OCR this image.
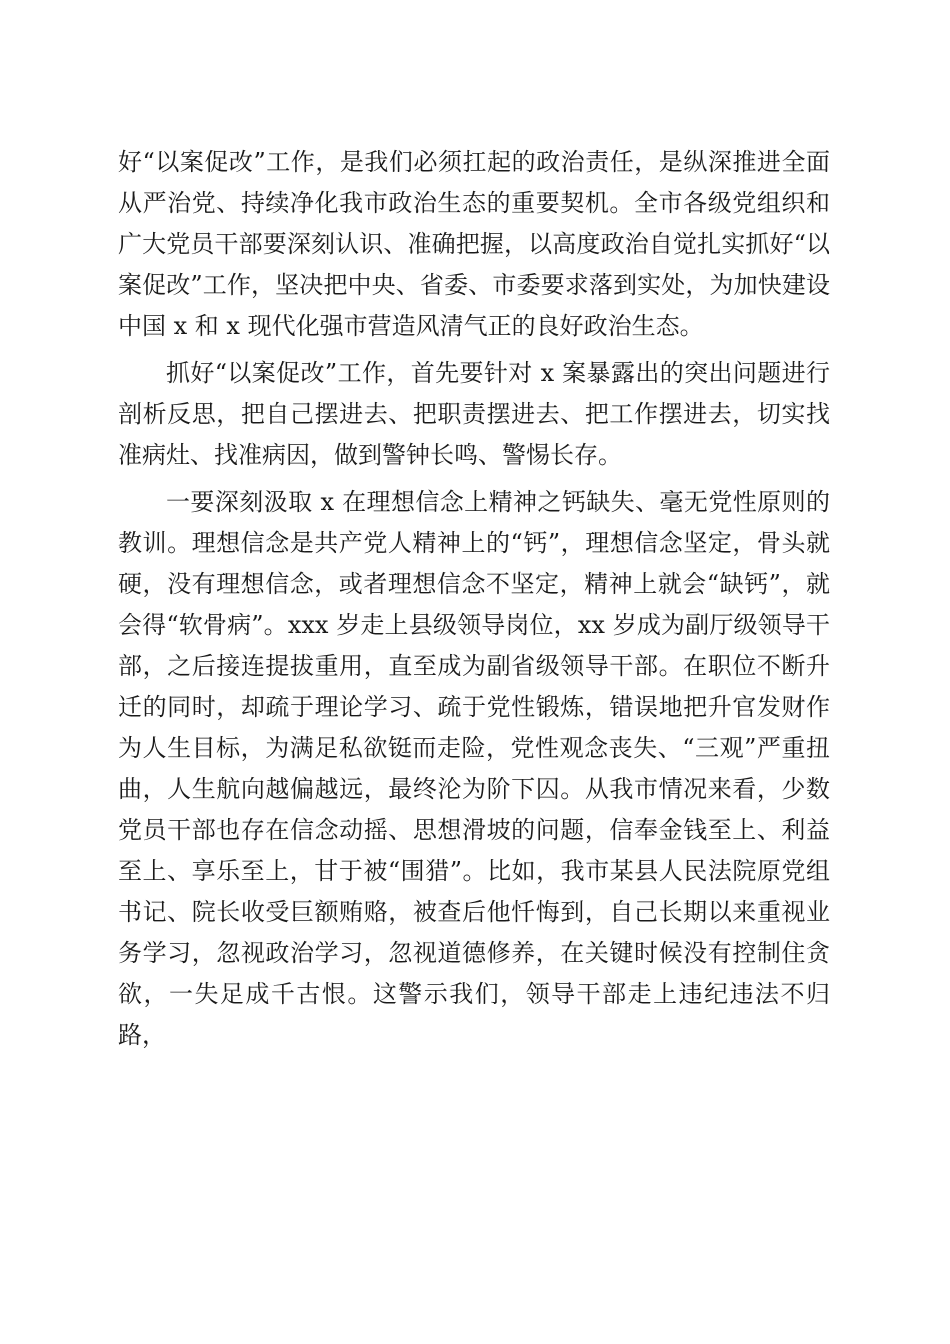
好“以案促改”工作，是我们必须扛起的政治责任，是纵深推进全面从严治党、持续净化我市政治生态的重要契机。全市各级党组织和广大党员干部要深刻认识、准确把握，以高度政治自觉扎实抓好“以案促改”工作，坚决把中央、省委、市委要求落到实处，为加快建设中国 x 和 x 现代化强市营造风清气正的良好政治生态。

抓好“以案促改”工作，首先要针对 x 案暴露出的突出问题进行剖析反思，把自己摆进去、把职责摆进去、把工作摆进去，切实找准病灶、找准病因，做到警钟长鸣、警惕长存。

一要深刻汲取 x 在理想信念上精神之钙缺失、毫无党性原则的教训。理想信念是共产党人精神上的“钙”，理想信念坚定，骨头就硬，没有理想信念，或者理想信念不坚定，精神上就会“缺钙”，就会得“软骨病”。xxx 岁走上县级领导岗位，xx 岁成为副厅级领导干部，之后接连提拔重用，直至成为副省级领导干部。在职位不断升迁的同时，却疏于理论学习、疏于党性锻炼，错误地把升官发财作为人生目标，为满足私欲铤而走险，党性观念丧失、“三观”严重扭曲，人生航向越偏越远，最终沦为阶下囚。从我市情况来看，少数党员干部也存在信念动摇、思想滑坡的问题，信奉金钱至上、利益至上、享乐至上，甘于被“围猎”。比如，我市某县人民法院原党组书记、院长收受巨额贿赂，被查后他忏悔到，自己长期以来重视业务学习，忽视政治学习，忽视道德修养，在关键时候没有控制住贪欲，一失足成千古恨。这警示我们，领导干部走上违纪违法不归路，
